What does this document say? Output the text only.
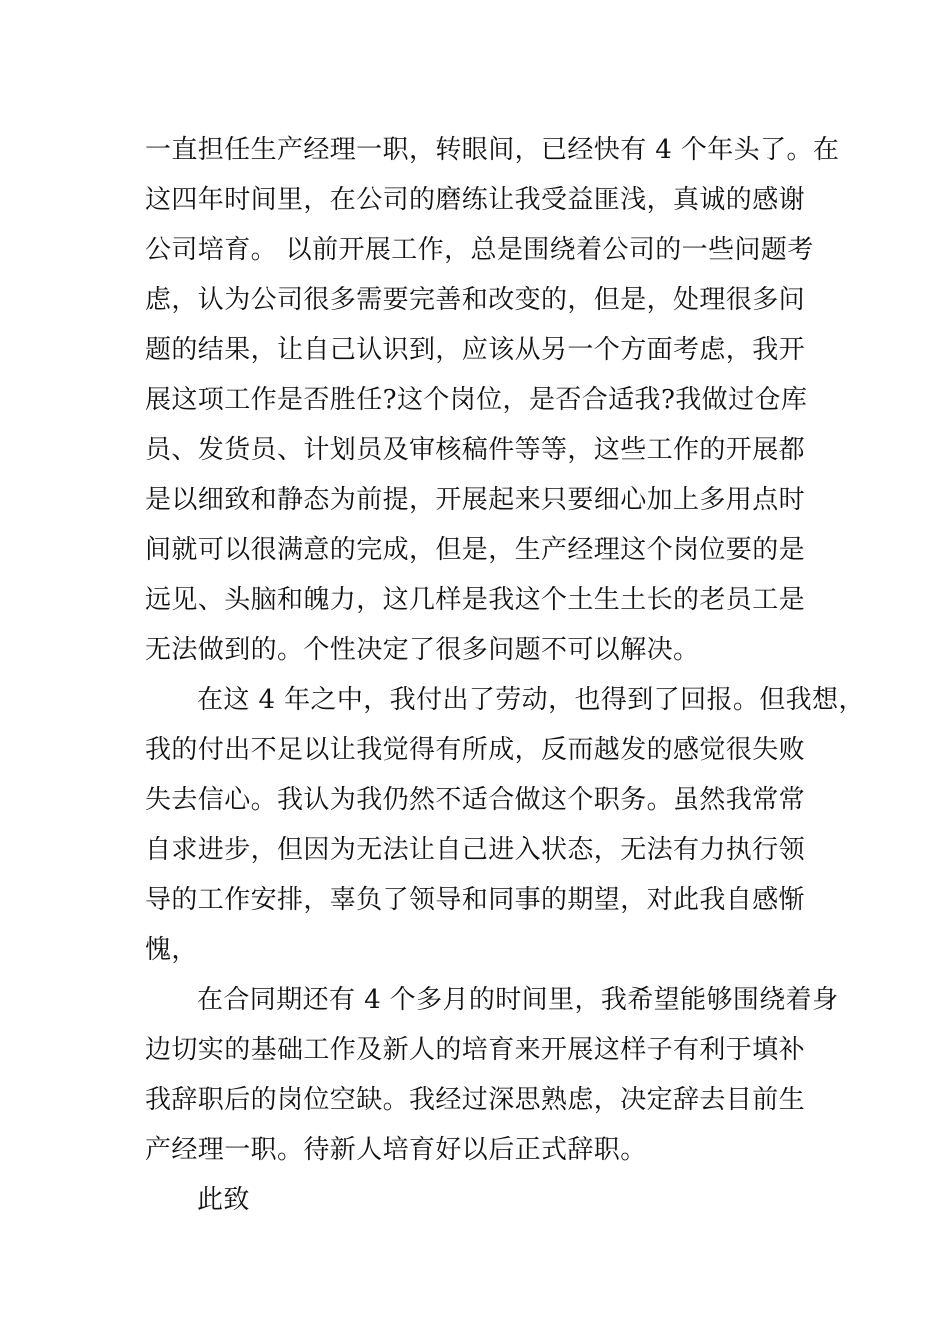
一直担任生产经理一职，转眼间，已经快有 4 个年头了。在
这四年时间里，在公司的磨练让我受益匪浅，真诚的感谢
公司培育。 以前开展工作，总是围绕着公司的一些问题考
虑，认为公司很多需要完善和改变的，但是，处理很多问
题的结果，让自己认识到，应该从另一个方面考虑，我开
展这项工作是否胜任?这个岗位，是否合适我?我做过仓库
员、发货员、计划员及审核稿件等等，这些工作的开展都
是以细致和静态为前提，开展起来只要细心加上多用点时
间就可以很满意的完成，但是，生产经理这个岗位要的是
远见、头脑和魄力，这几样是我这个土生土长的老员工是
无法做到的。个性决定了很多问题不可以解决。
在这 4 年之中，我付出了劳动，也得到了回报。但我想，
我的付出不足以让我觉得有所成，反而越发的感觉很失败
失去信心。我认为我仍然不适合做这个职务。虽然我常常
自求进步，但因为无法让自己进入状态，无法有力执行领
导的工作安排，辜负了领导和同事的期望，对此我自感惭
愧，
在合同期还有 4 个多月的时间里，我希望能够围绕着身
边切实的基础工作及新人的培育来开展这样子有利于填补
我辞职后的岗位空缺。我经过深思熟虑，决定辞去目前生
产经理一职。待新人培育好以后正式辞职。
此致
